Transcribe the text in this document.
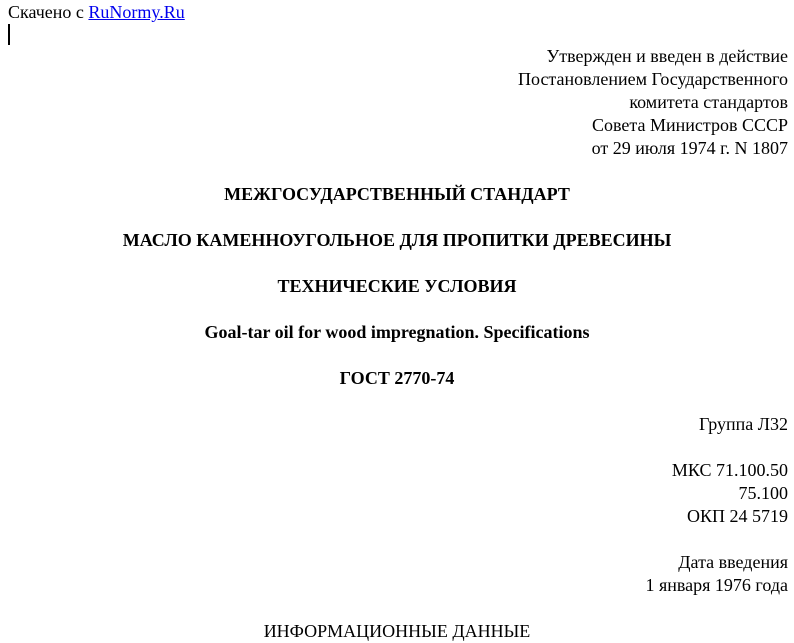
Скачено с RuNormy.Ru
Утвержден и введен в действие
Постановлением Государственного
комитета стандартов
Совета Министров СССР
от 29 июля 1974 г. N 1807
МЕЖГОСУДАРСТВЕННЫЙ СТАНДАРТ
МАСЛО КАМЕННОУГОЛЬНОЕ ДЛЯ ПРОПИТКИ ДРЕВЕСИНЫ
ТЕХНИЧЕСКИЕ УСЛОВИЯ
Goal-tar oil for wood impregnation. Specifications
ГОСТ 2770-74
Группа Л32
МКС 71.100.50
75.100
ОКП 24 5719
Дата введения
1 января 1976 года
ИНФОРМАЦИОННЫЕ ДАННЫЕ
